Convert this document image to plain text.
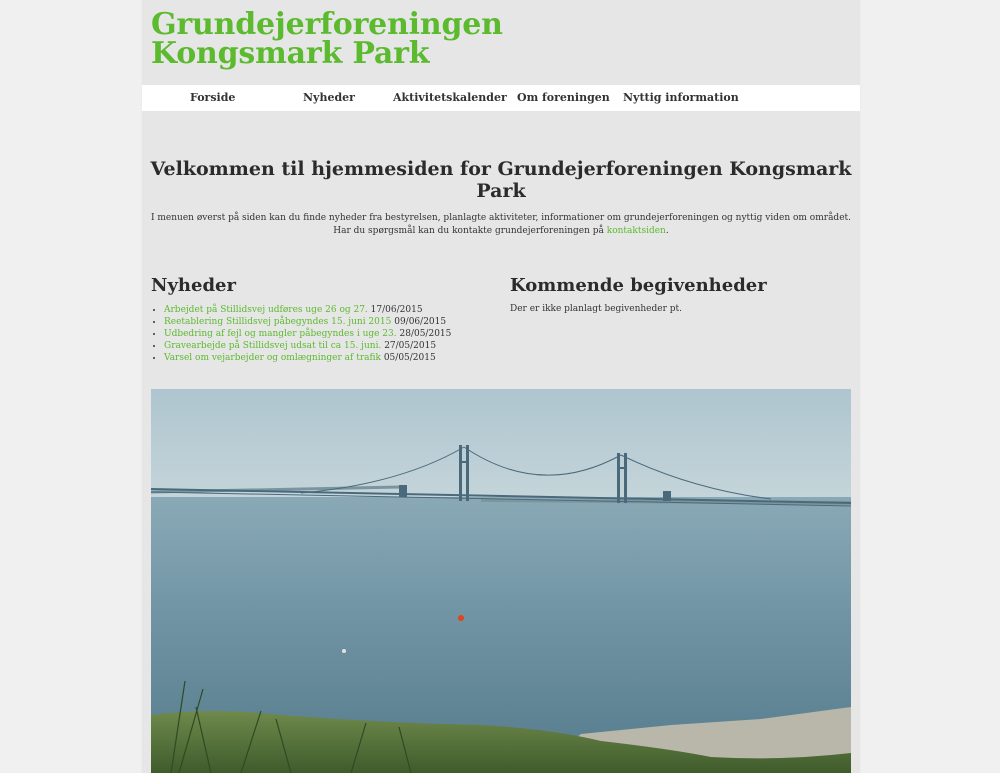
Grundejerforeningen
Kongsmark Park
Forside	Nyheder	Aktivitetskalender Om foreningen Nyttig information
Velkommen til hjemmesiden for Grundejerforeningen Kongsmark Park

I menuen øverst på siden kan du finde nyheder fra bestyrelsen, planlagte aktiviteter, informationer om grundejerforeningen og nyttig viden om området. Har du spørgsmål kan du kontakte grundejerforeningen på kontaktsiden.

Nyheder
• Arbejdet på Stillidsvej udføres uge 26 og 27. 17/06/2015
• Reetablering Stillidsvej påbegyndes 15. juni 2015 09/06/2015
• Udbedring af fejl og mangler påbegyndes i uge 23. 28/05/2015
• Gravearbejde på Stillidsvej udsat til ca 15. juni. 27/05/2015
• Varsel om vejarbejder og omlægninger af trafik 05/05/2015
Kommende begivenheder

Der er ikke planlagt begivenheder pt.
